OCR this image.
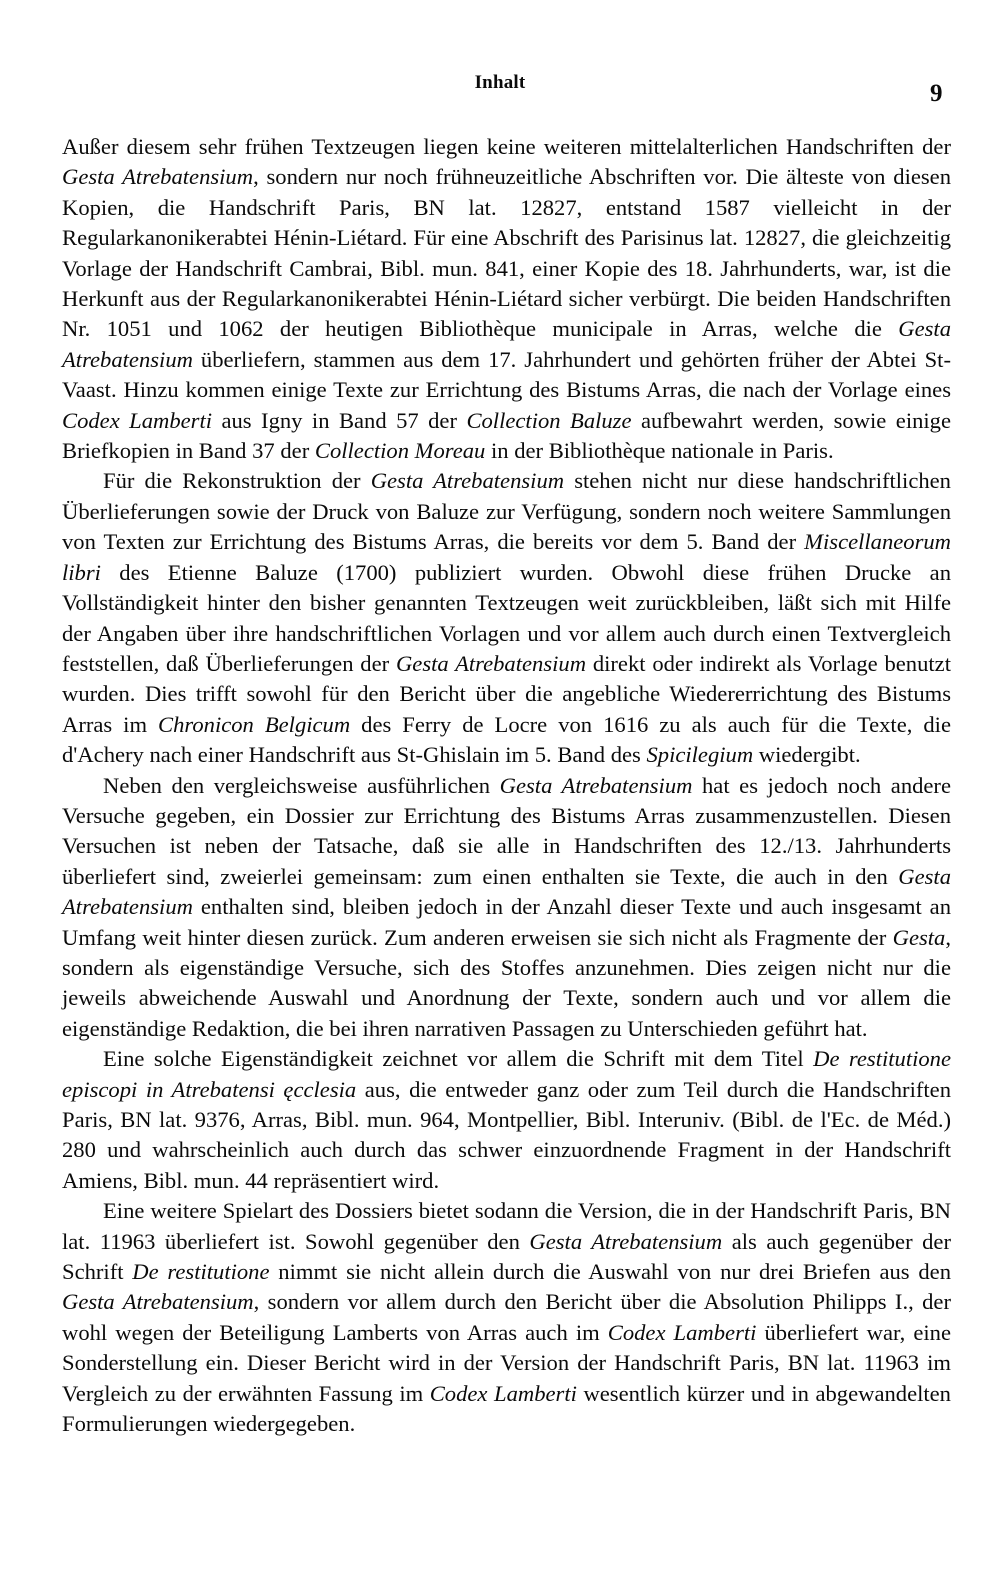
Inhalt	9

Außer diesem sehr frühen Textzeugen liegen keine weiteren mittelalterlichen Handschriften der Gesta Atrebatensium, sondern nur noch frühneuzeitliche Abschriften vor. Die älteste von diesen Kopien, die Handschrift Paris, BN lat. 12827, entstand 1587 vielleicht in der Regularkanonikerabtei Hénin-Liétard. Für eine Abschrift des Parisinus lat. 12827, die gleichzeitig Vorlage der Handschrift Cambrai, Bibl. mun. 841, einer Kopie des 18. Jahrhunderts, war, ist die Herkunft aus der Regularkanonikerabtei Hénin-Liétard sicher verbürgt. Die beiden Handschriften Nr. 1051 und 1062 der heutigen Bibliothèque municipale in Arras, welche die Gesta Atrebatensium überliefern, stammen aus dem 17. Jahrhundert und gehörten früher der Abtei St-Vaast. Hinzu kommen einige Texte zur Errichtung des Bistums Arras, die nach der Vorlage eines Codex Lamberti aus Igny in Band 57 der Collection Baluze aufbewahrt werden, sowie einige Briefkopien in Band 37 der Collection Moreau in der Bibliothèque nationale in Paris.

Für die Rekonstruktion der Gesta Atrebatensium stehen nicht nur diese handschriftlichen Überlieferungen sowie der Druck von Baluze zur Verfügung, sondern noch weitere Sammlungen von Texten zur Errichtung des Bistums Arras, die bereits vor dem 5. Band der Miscellaneorum libri des Etienne Baluze (1700) publiziert wurden. Obwohl diese frühen Drucke an Vollständigkeit hinter den bisher genannten Textzeugen weit zurückbleiben, läßt sich mit Hilfe der Angaben über ihre handschriftlichen Vorlagen und vor allem auch durch einen Textvergleich feststellen, daß Überlieferungen der Gesta Atrebatensium direkt oder indirekt als Vorlage benutzt wurden. Dies trifft sowohl für den Bericht über die angebliche Wiedererrichtung des Bistums Arras im Chronicon Belgicum des Ferry de Locre von 1616 zu als auch für die Texte, die d'Achery nach einer Handschrift aus St-Ghislain im 5. Band des Spicilegium wiedergibt.

Neben den vergleichsweise ausführlichen Gesta Atrebatensium hat es jedoch noch andere Versuche gegeben, ein Dossier zur Errichtung des Bistums Arras zusammenzustellen. Diesen Versuchen ist neben der Tatsache, daß sie alle in Handschriften des 12./13. Jahrhunderts überliefert sind, zweierlei gemeinsam: zum einen enthalten sie Texte, die auch in den Gesta Atrebatensium enthalten sind, bleiben jedoch in der Anzahl dieser Texte und auch insgesamt an Umfang weit hinter diesen zurück. Zum anderen erweisen sie sich nicht als Fragmente der Gesta, sondern als eigenständige Versuche, sich des Stoffes anzunehmen. Dies zeigen nicht nur die jeweils abweichende Auswahl und Anordnung der Texte, sondern auch und vor allem die eigenständige Redaktion, die bei ihren narrativen Passagen zu Unterschieden geführt hat.

Eine solche Eigenständigkeit zeichnet vor allem die Schrift mit dem Titel De restitutione episcopi in Atrebatensi ęcclesia aus, die entweder ganz oder zum Teil durch die Handschriften Paris, BN lat. 9376, Arras, Bibl. mun. 964, Montpellier, Bibl. Interuniv. (Bibl. de l'Ec. de Méd.) 280 und wahrscheinlich auch durch das schwer einzuordnende Fragment in der Handschrift Amiens, Bibl. mun. 44 repräsentiert wird.

Eine weitere Spielart des Dossiers bietet sodann die Version, die in der Handschrift Paris, BN lat. 11963 überliefert ist. Sowohl gegenüber den Gesta Atrebatensium als auch gegenüber der Schrift De restitutione nimmt sie nicht allein durch die Auswahl von nur drei Briefen aus den Gesta Atrebatensium, sondern vor allem durch den Bericht über die Absolution Philipps I., der wohl wegen der Beteiligung Lamberts von Arras auch im Codex Lamberti überliefert war, eine Sonderstellung ein. Dieser Bericht wird in der Version der Handschrift Paris, BN lat. 11963 im Vergleich zu der erwähnten Fassung im Codex Lamberti wesentlich kürzer und in abgewandelten Formulierungen wiedergegeben.
